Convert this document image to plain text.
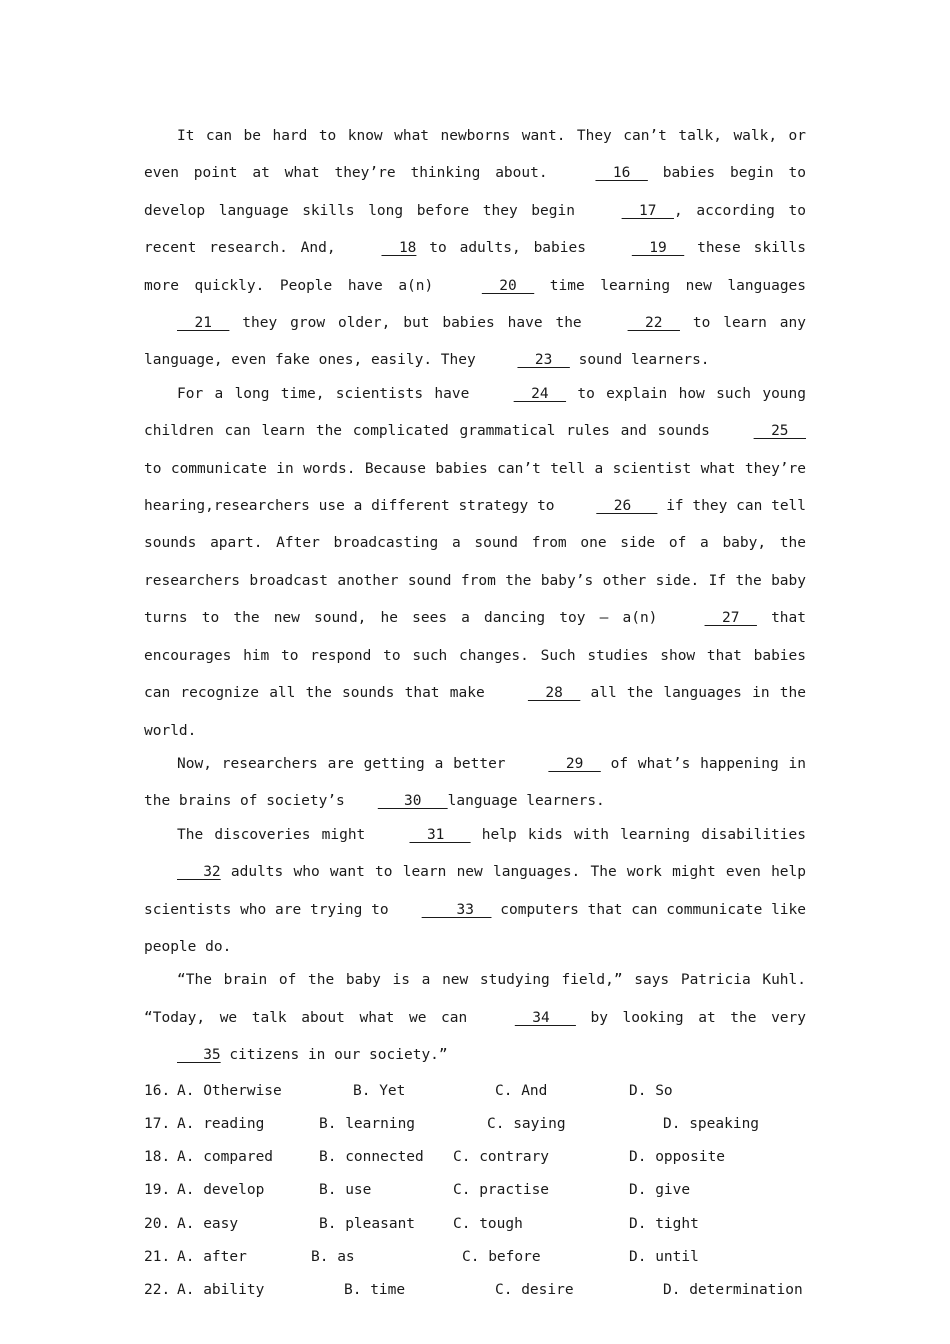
It can be hard to know what newborns want. They can’t talk, walk, or even point at what they’re thinking about.   16   babies begin to develop language skills long before they begin   17  , according to recent research. And,   18 to adults, babies   19   these skills more quickly. People have a(n)   20   time learning new languages   21   they grow older, but babies have the   22   to learn any language, even fake ones, easily. They   23   sound learners.

For a long time, scientists have   24   to explain how such young children can learn the complicated grammatical rules and sounds   25   to communicate in words. Because babies can’t tell a scientist what they’re hearing,researchers use a different strategy to   26    if they can tell sounds apart. After broadcasting a sound from one side of a baby, the researchers broadcast another sound from the baby’s other side. If the baby turns to the new sound, he sees a dancing toy — a(n)   27   that encourages him to respond to such changes. Such studies show that babies can recognize all the sounds that make   28   all the languages in the world.

Now, researchers are getting a better   29   of what’s happening in the brains of society’s   30   language learners.

The discoveries might   31    help kids with learning disabilities    32 adults who want to learn new languages. The work might even help scientists who are trying to    33   computers that can communicate like people do.

“The brain of the baby is a new studying field,” says Patricia Kuhl. “Today, we talk about what we can   34    by looking at the very    35 citizens in our society.”

16. A. Otherwise	B. Yet	C. And	D. So
17. A. reading	B. learning	C. saying	D. speaking
18. A. compared	B. connected C. contrary	D. opposite
19. A. develop	B. use	C. practise	D. give
20. A. easy	B. pleasant	C. tough	D. tight
21. A. after	B. as	C. before	D. until
22. A. ability	B. time	C. desire	D. determination
